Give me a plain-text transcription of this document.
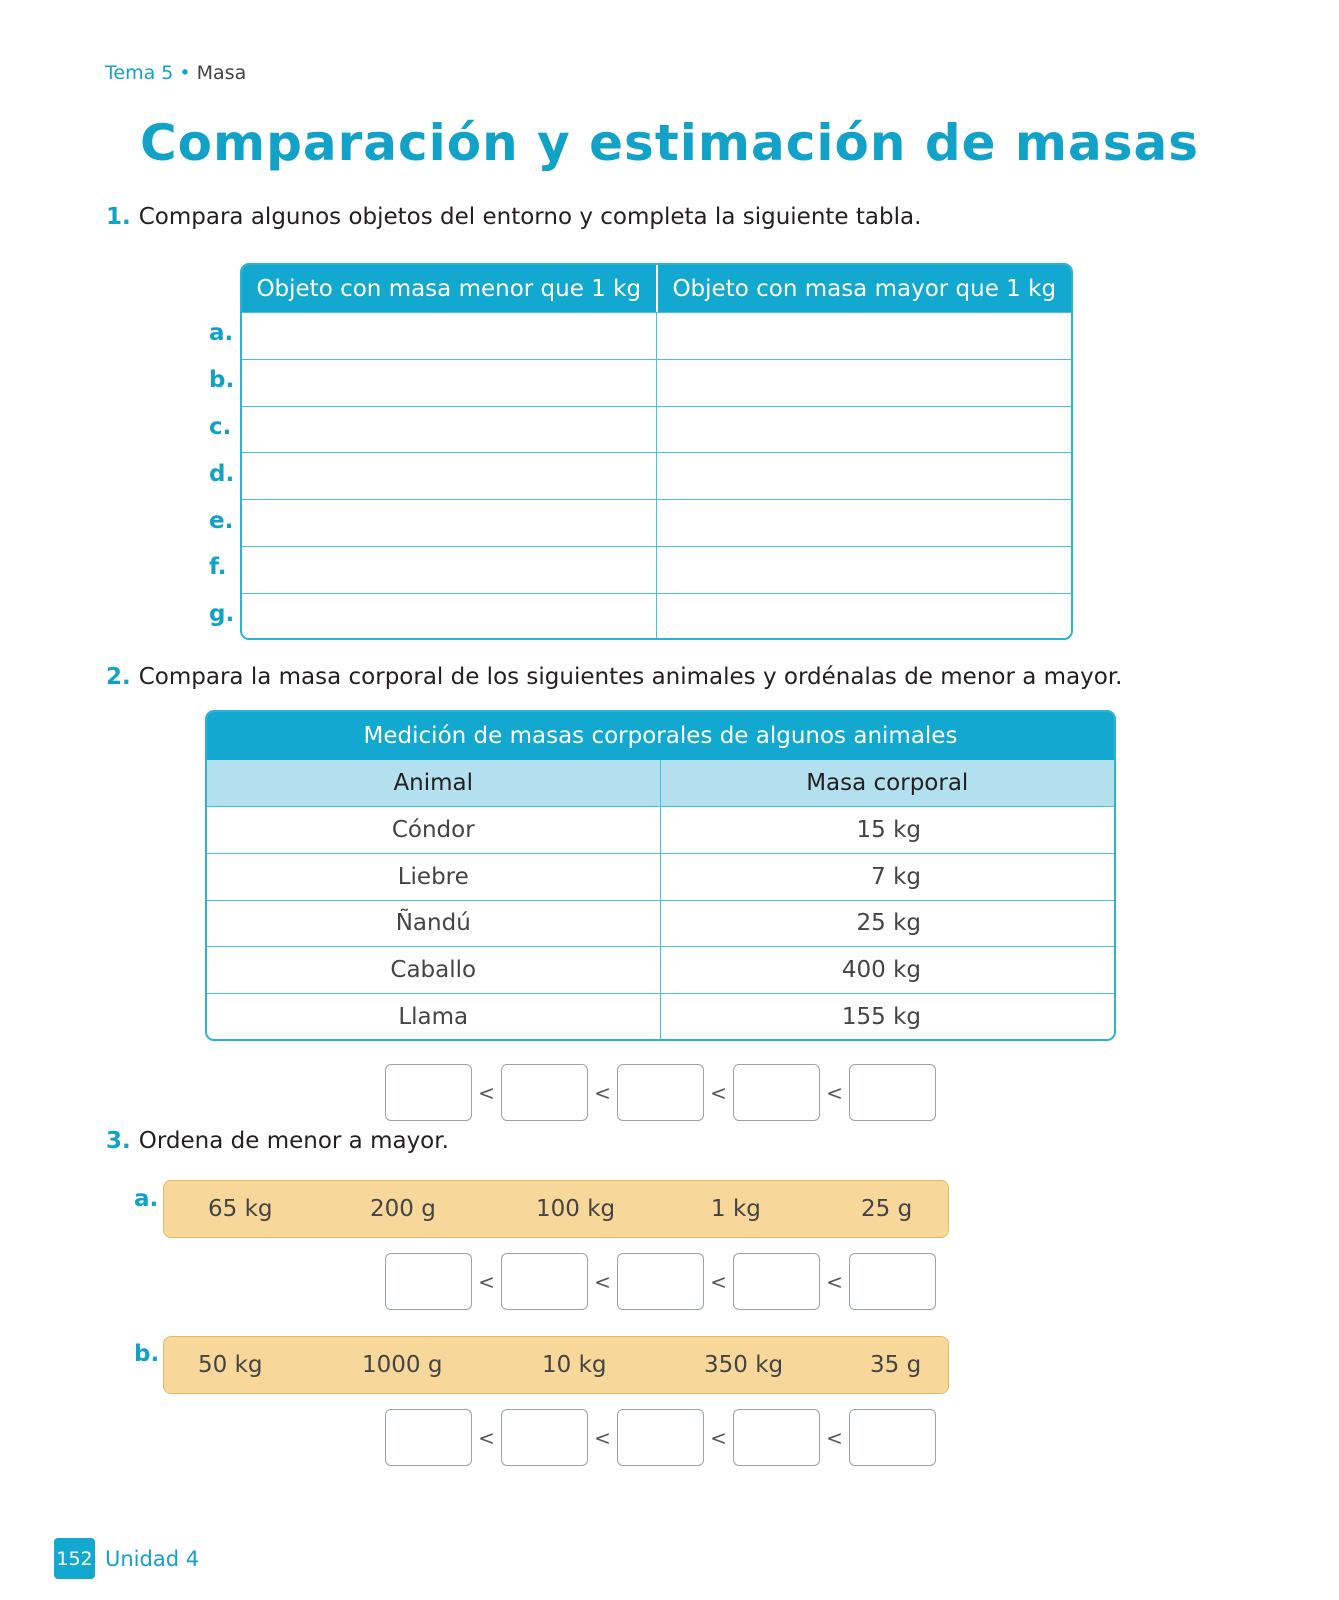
Tema 5 • Masa
Comparación y estimación de masas
1. Compara algunos objetos del entorno y completa la siguiente tabla.
a.
b.
c.
d.
e.
f.
g.
Objeto con masa menor que 1 kg	Objeto con masa mayor que 1 kg
2. Compara la masa corporal de los siguientes animales y ordénalas de menor a mayor.
Medición de masas corporales de algunos animales
Animal	Masa corporal
Cóndor	15 kg
Liebre	7 kg
Ñandú	25 kg
Caballo	400 kg
Llama	155 kg
<	<	<	<
3. Ordena de menor a mayor.
a. 65 kg	200 g	100 kg	1 kg	25 g
<	<	<	<
b. 50 kg	1000 g	10 kg	350 kg	35 g
<	<	<	<
152 Unidad 4
